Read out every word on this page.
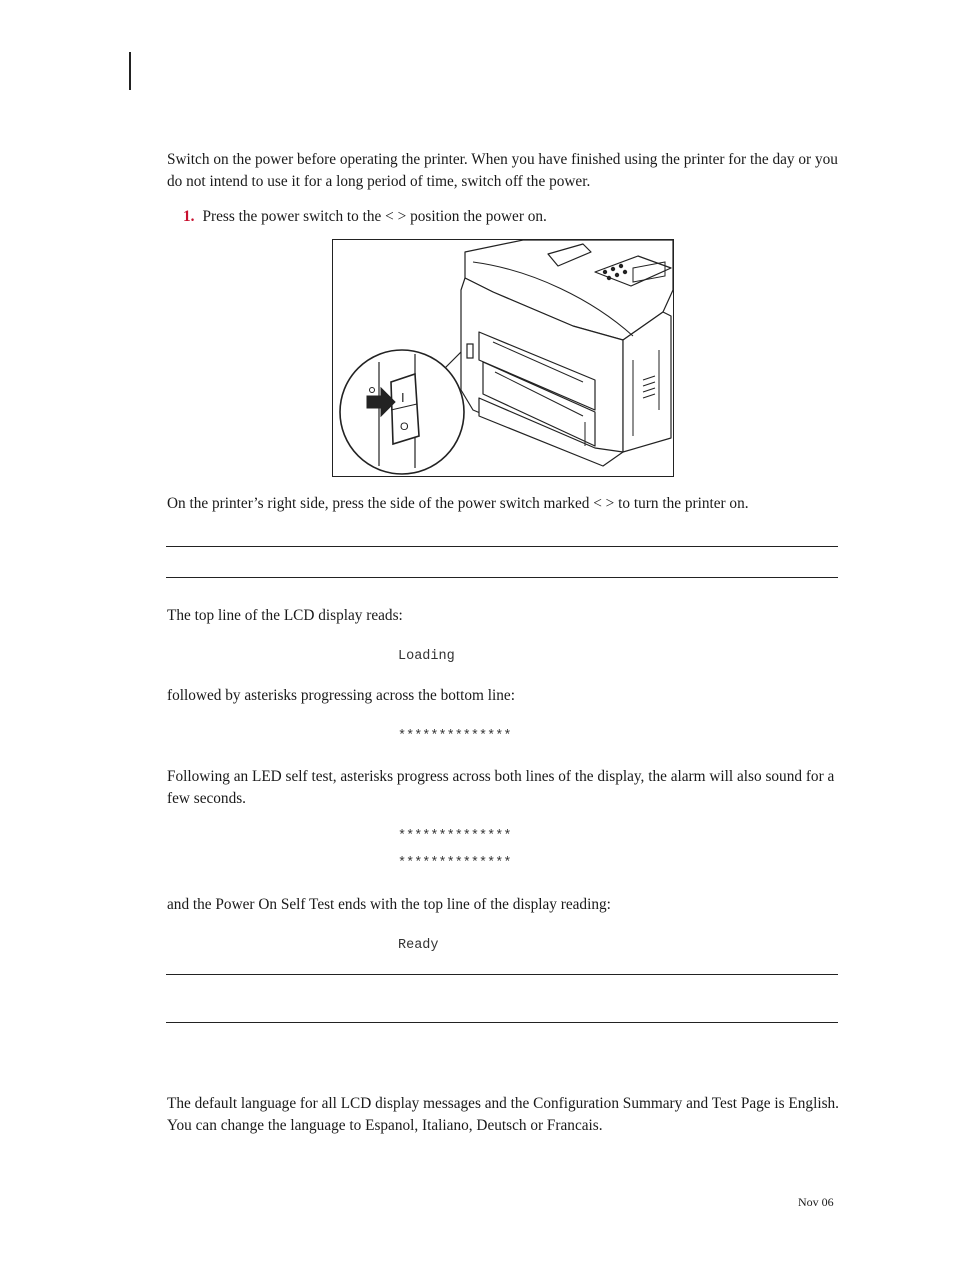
Switch on the power before operating the printer. When you have finished using the printer for the day or you do not intend to use it for a long period of time, switch off the power.
1. Press the power switch to the < > position the power on.
I
O
On the printer’s right side, press the side of the power switch marked < > to turn the printer on.
The top line of the LCD display reads:
Loading
followed by asterisks progressing across the bottom line:
**************
Following an LED self test, asterisks progress across both lines of the display, the alarm will also sound for a few seconds.
**************
**************
and the Power On Self Test ends with the top line of the display reading:
Ready
The default language for all LCD display messages and the Configuration Summary and Test Page is English. You can change the language to Espanol, Italiano, Deutsch or Francais.
Nov 06
